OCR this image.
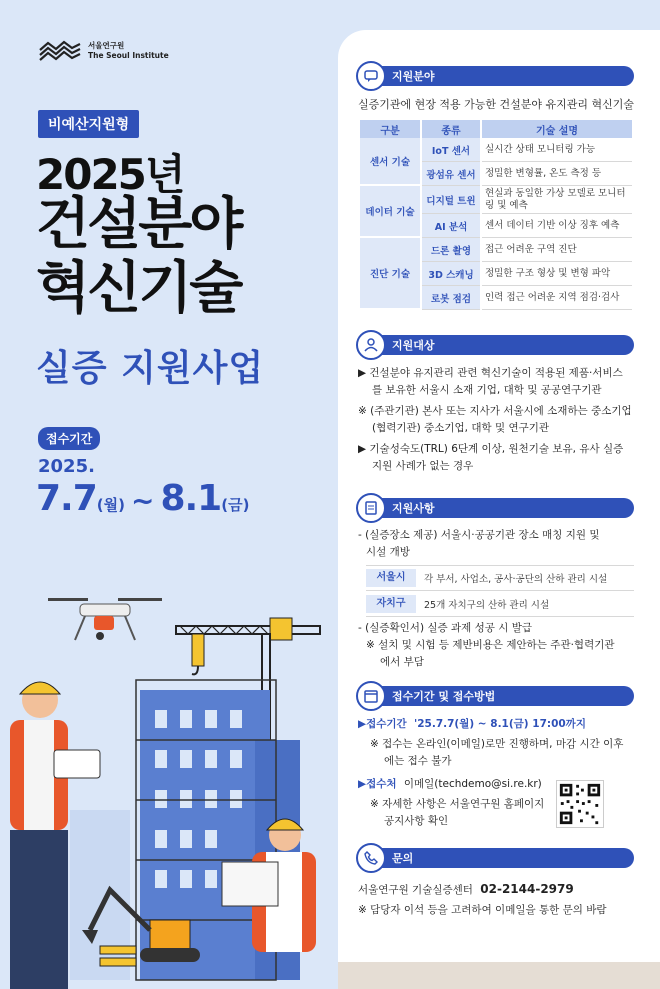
서울연구원
The Seoul Institute
비예산지원형
2025년
건설분야
혁신기술
실증 지원사업
접수기간
2025.
7.7(월) ~ 8.1(금)
지원분야
실증기관에 현장 적용 가능한 건설분야 유지관리 혁신기술
구분	종류	기술 설명
센서 기술	IoT 센서	실시간 상태 모니터링 가능
	광섬유 센서	정밀한 변형률, 온도 측정 등
데이터 기술	디지털 트윈	현실과 동일한 가상 모델로 모니터링 및 예측
	AI 분석	센서 데이터 기반 이상 징후 예측
진단 기술	드론 촬영	접근 어려운 구역 진단
	3D 스캐닝	정밀한 구조 형상 및 변형 파악
	로봇 점검	인력 접근 어려운 지역 점검·검사
지원대상
▶ 건설분야 유지관리 관련 혁신기술이 적용된 제품·서비스
를 보유한 서울시 소재 기업, 대학 및 공공연구기관
※ (주관기관) 본사 또는 지사가 서울시에 소재하는 중소기업
(협력기관) 중소기업, 대학 및 연구기관
▶ 기술성숙도(TRL) 6단계 이상, 원천기술 보유, 유사 실증
지원 사례가 없는 경우
지원사항
- (실증장소 제공) 서울시·공공기관 장소 매칭 지원 및
시설 개방
서울시	각 부서, 사업소, 공사·공단의 산하 관리 시설
자치구	25개 자치구의 산하 관리 시설
- (실증확인서) 실증 과제 성공 시 발급
※ 설치 및 시험 등 제반비용은 제안하는 주관·협력기관
에서 부담
접수기간 및 접수방법
▶접수기간 '25.7.7(월) ~ 8.1(금) 17:00까지
※ 접수는 온라인(이메일)로만 진행하며, 마감 시간 이후
에는 접수 불가
▶접수처 이메일(techdemo@si.re.kr)
※ 자세한 사항은 서울연구원 홈페이지
공지사항 확인
문의
서울연구원 기술실증센터 02-2144-2979
※ 담당자 이석 등을 고려하여 이메일을 통한 문의 바람
